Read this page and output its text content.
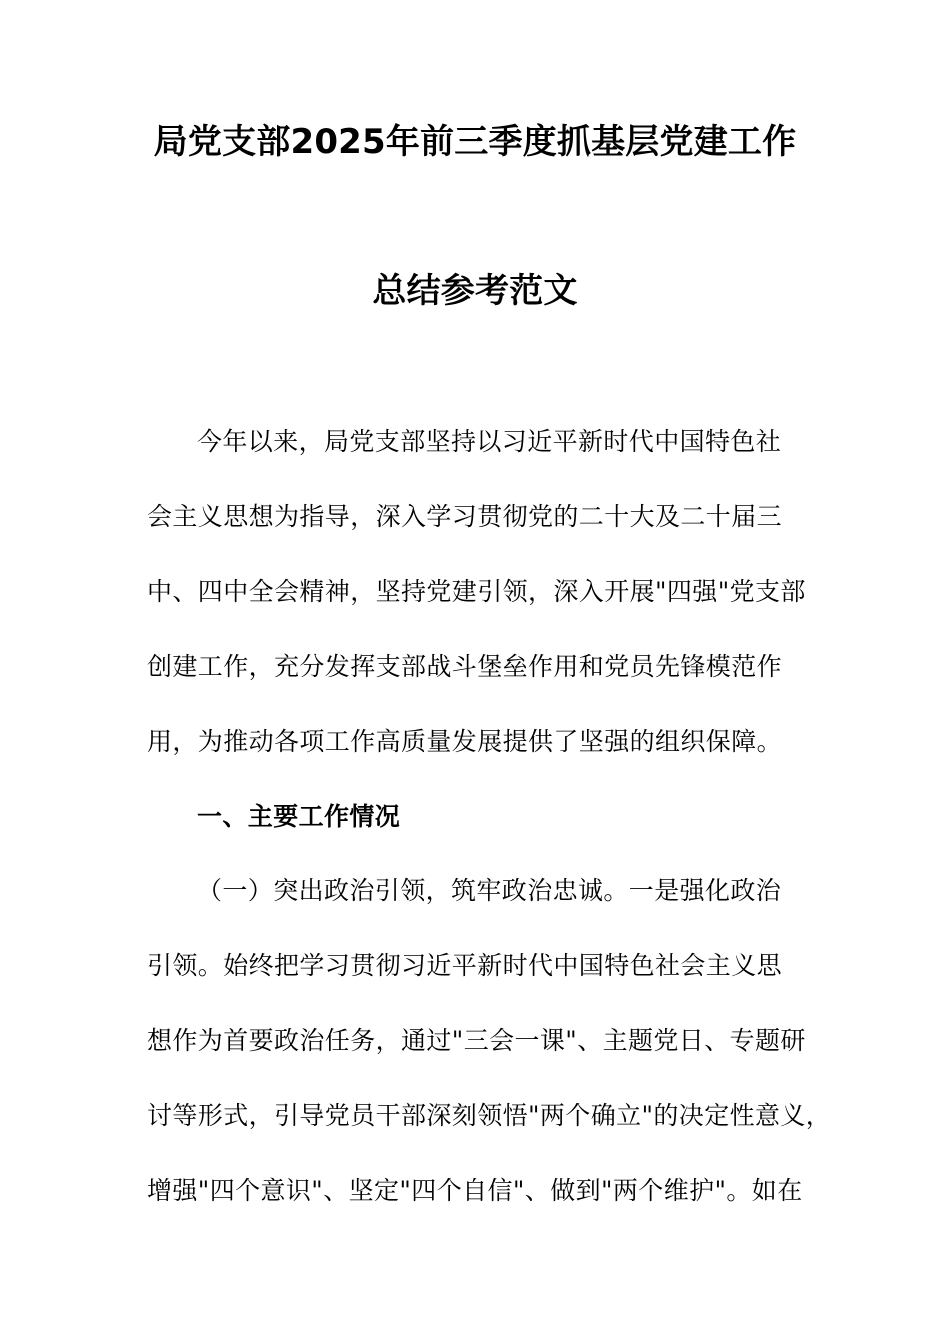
局党支部2025年前三季度抓基层党建工作
总结参考范文
今年以来，局党支部坚持以习近平新时代中国特色社
会主义思想为指导，深入学习贯彻党的二十大及二十届三
中、四中全会精神，坚持党建引领，深入开展"四强"党支部
创建工作，充分发挥支部战斗堡垒作用和党员先锋模范作
用，为推动各项工作高质量发展提供了坚强的组织保障。
一、主要工作情况
（一）突出政治引领，筑牢政治忠诚。一是强化政治
引领。始终把学习贯彻习近平新时代中国特色社会主义思
想作为首要政治任务，通过"三会一课"、主题党日、专题研
讨等形式，引导党员干部深刻领悟"两个确立"的决定性意义，
增强"四个意识"、坚定"四个自信"、做到"两个维护"。如在
